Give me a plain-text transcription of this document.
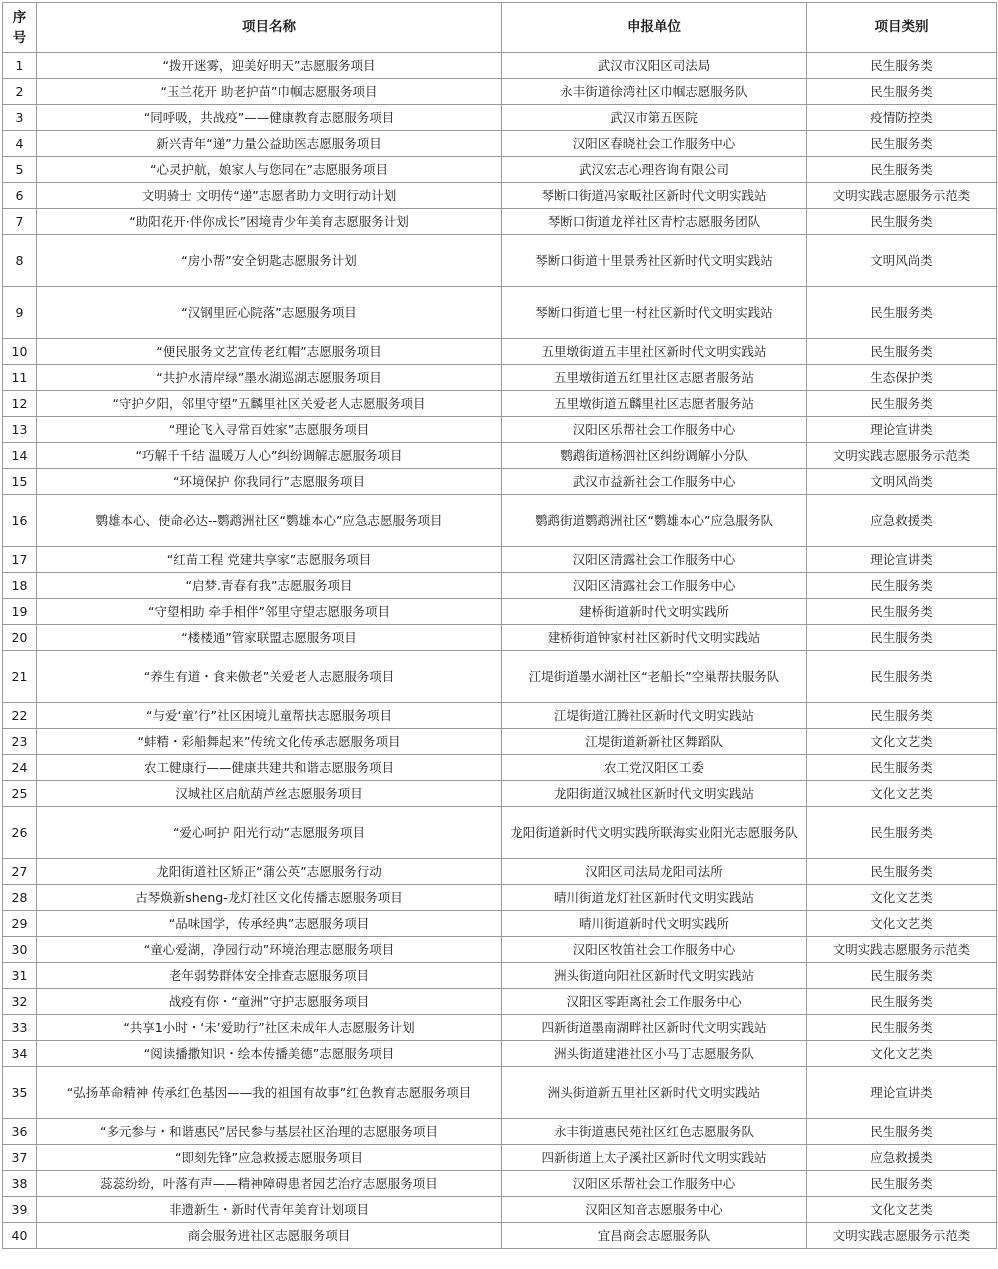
序号	项目名称	申报单位	项目类别
1	“拨开迷雾，迎美好明天”志愿服务项目	武汉市汉阳区司法局	民生服务类
2	“玉兰花开 助老护苗”巾帼志愿服务项目	永丰街道徐湾社区巾帼志愿服务队	民生服务类
3	“同呼吸，共战疫”——健康教育志愿服务项目	武汉市第五医院	疫情防控类
4	新兴青年“递”力量公益助医志愿服务项目	汉阳区春晓社会工作服务中心	民生服务类
5	“心灵护航，娘家人与您同在”志愿服务项目	武汉宏志心理咨询有限公司	民生服务类
6	文明骑士 文明传“递”志愿者助力文明行动计划	琴断口街道冯家畈社区新时代文明实践站	文明实践志愿服务示范类
7	“助阳花开·伴你成长”困境青少年美育志愿服务计划	琴断口街道龙祥社区青柠志愿服务团队	民生服务类
8	“房小帮”安全钥匙志愿服务计划	琴断口街道十里景秀社区新时代文明实践站	文明风尚类
9	“汉钢里匠心院落”志愿服务项目	琴断口街道七里一村社区新时代文明实践站	民生服务类
10	“便民服务文艺宣传老红帽”志愿服务项目	五里墩街道五丰里社区新时代文明实践站	民生服务类
11	“共护水清岸绿”墨水湖巡湖志愿服务项目	五里墩街道五红里社区志愿者服务站	生态保护类
12	“守护夕阳，邻里守望”五麟里社区关爱老人志愿服务项目	五里墩街道五麟里社区志愿者服务站	民生服务类
13	“理论飞入寻常百姓家”志愿服务项目	汉阳区乐帮社会工作服务中心	理论宣讲类
14	“巧解千千结 温暖万人心”纠纷调解志愿服务项目	鹦鹉街道杨泗社区纠纷调解小分队	文明实践志愿服务示范类
15	“环境保护 你我同行”志愿服务项目	武汉市益新社会工作服务中心	文明风尚类
16	鹦雄本心、使命必达--鹦鹉洲社区“鹦雄本心”应急志愿服务项目	鹦鹉街道鹦鹉洲社区“鹦雄本心”应急服务队	应急救援类
17	“红苗工程 党建共享家”志愿服务项目	汉阳区清露社会工作服务中心	理论宣讲类
18	“启梦.青春有我”志愿服务项目	汉阳区清露社会工作服务中心	民生服务类
19	“守望相助 牵手相伴”邻里守望志愿服务项目	建桥街道新时代文明实践所	民生服务类
20	“楼楼通”管家联盟志愿服务项目	建桥街道钟家村社区新时代文明实践站	民生服务类
21	“养生有道・食来傲老”关爱老人志愿服务项目	江堤街道墨水湖社区“老船长”空巢帮扶服务队	民生服务类
22	“与爱‘童’行”社区困境儿童帮扶志愿服务项目	江堤街道江腾社区新时代文明实践站	民生服务类
23	“蚌精・彩船舞起来”传统文化传承志愿服务项目	江堤街道新新社区舞蹈队	文化文艺类
24	农工健康行——健康共建共和谐志愿服务项目	农工党汉阳区工委	民生服务类
25	汉城社区启航葫芦丝志愿服务项目	龙阳街道汉城社区新时代文明实践站	文化文艺类
26	“爱心呵护 阳光行动”志愿服务项目	龙阳街道新时代文明实践所联海实业阳光志愿服务队	民生服务类
27	龙阳街道社区矫正“蒲公英”志愿服务行动	汉阳区司法局龙阳司法所	民生服务类
28	古琴焕新sheng-龙灯社区文化传播志愿服务项目	晴川街道龙灯社区新时代文明实践站	文化文艺类
29	“品味国学，传承经典”志愿服务项目	晴川街道新时代文明实践所	文化文艺类
30	“童心爱湖，净园行动”环境治理志愿服务项目	汉阳区牧笛社会工作服务中心	文明实践志愿服务示范类
31	老年弱势群体安全排查志愿服务项目	洲头街道向阳社区新时代文明实践站	民生服务类
32	战疫有你・“童洲”守护志愿服务项目	汉阳区零距离社会工作服务中心	民生服务类
33	“共享1小时・‘未’爱助行”社区未成年人志愿服务计划	四新街道墨南湖畔社区新时代文明实践站	民生服务类
34	“阅读播撒知识・绘本传播美德”志愿服务项目	洲头街道建港社区小马丁志愿服务队	文化文艺类
35	“弘扬革命精神 传承红色基因——我的祖国有故事”红色教育志愿服务项目	洲头街道新五里社区新时代文明实践站	理论宣讲类
36	“多元参与・和谐惠民”居民参与基层社区治理的志愿服务项目	永丰街道惠民苑社区红色志愿服务队	民生服务类
37	“即刻先锋”应急救援志愿服务项目	四新街道上太子溪社区新时代文明实践站	应急救援类
38	蕊蕊纷纷，叶落有声——精神障碍患者园艺治疗志愿服务项目	汉阳区乐帮社会工作服务中心	民生服务类
39	非遗新生・新时代青年美育计划项目	汉阳区知音志愿服务中心	文化文艺类
40	商会服务进社区志愿服务项目	宜昌商会志愿服务队	文明实践志愿服务示范类
